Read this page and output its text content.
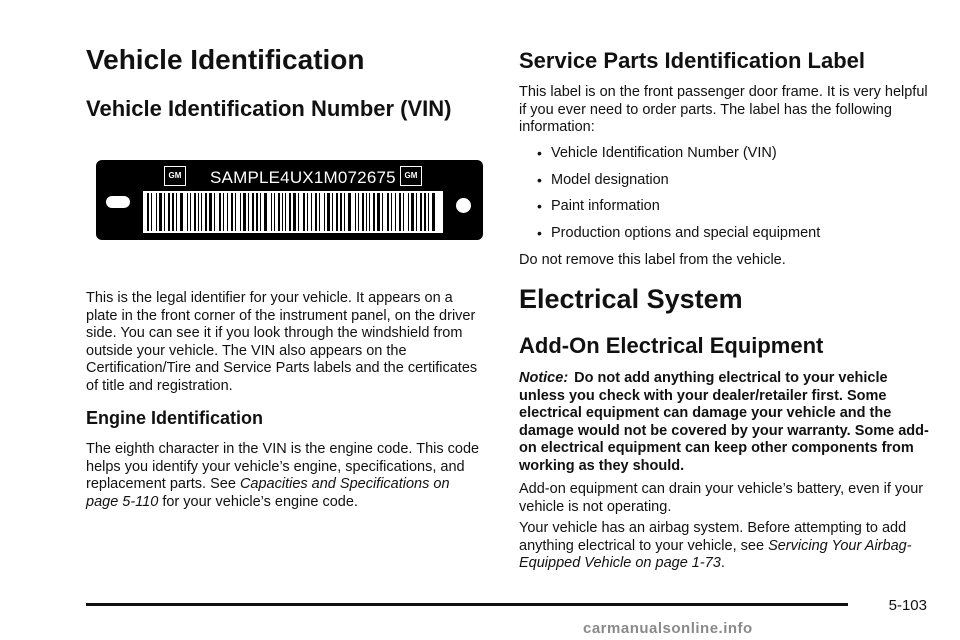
Vehicle Identification
Vehicle Identification Number (VIN)

This is the legal identifier for your vehicle. It appears on a plate in the front corner of the instrument panel, on the driver side. You can see it if you look through the windshield from outside your vehicle. The VIN also appears on the Certification/Tire and Service Parts labels and the certificates of title and registration.

Engine Identification

The eighth character in the VIN is the engine code. This code helps you identify your vehicle’s engine, specifications, and replacement parts. See Capacities and Specifications on page 5-110 for your vehicle’s engine code.

GM SAMPLE4UX1M072675	GM
Service Parts Identification Label

This label is on the front passenger door frame. It is very helpful if you ever need to order parts. The label has the following information:

• Vehicle Identification Number (VIN)
• Model designation
• Paint information
• Production options and special equipment

Do not remove this label from the vehicle.

Electrical System
Add-On Electrical Equipment

Notice: Do not add anything electrical to your vehicle unless you check with your dealer/retailer first. Some electrical equipment can damage your vehicle and the damage would not be covered by your warranty. Some add-on electrical equipment can keep other components from working as they should.

Add-on equipment can drain your vehicle’s battery, even if your vehicle is not operating.

Your vehicle has an airbag system. Before attempting to add anything electrical to your vehicle, see Servicing Your Airbag-Equipped Vehicle on page 1-73.

5-103
carmanualsonline.info
